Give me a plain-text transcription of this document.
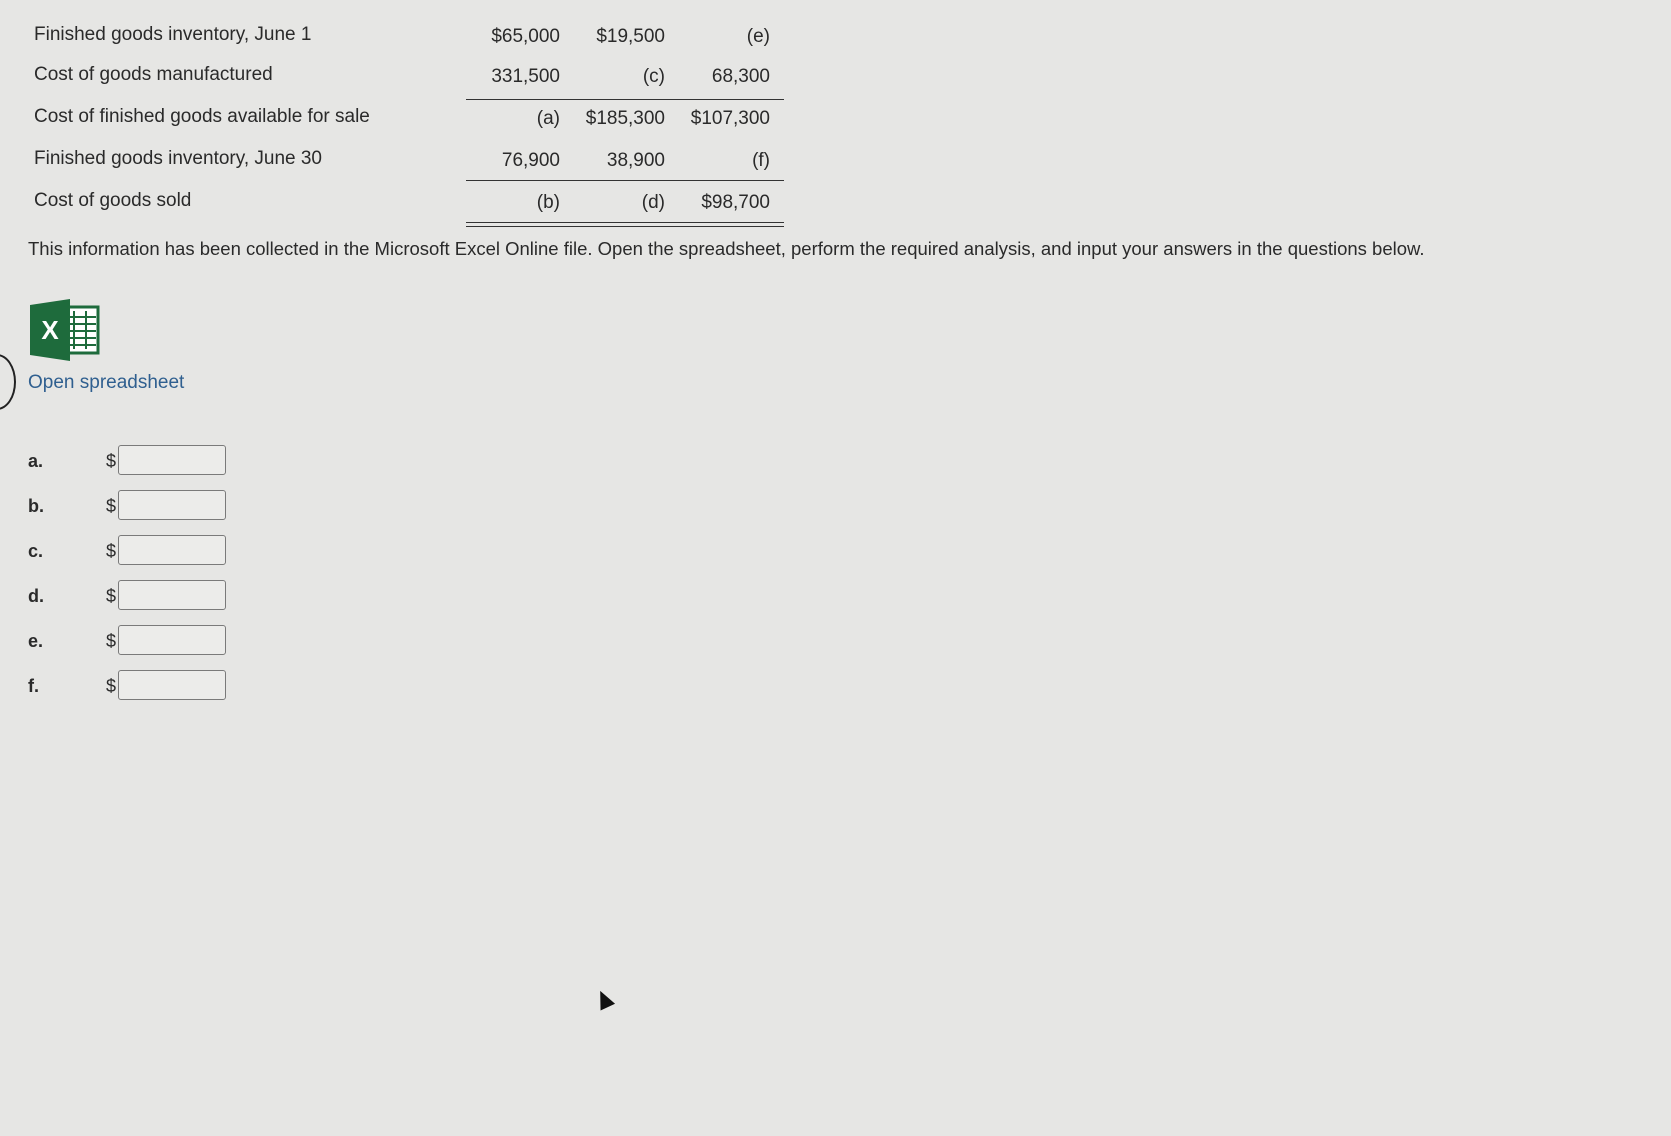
Finished goods inventory, June 1	$65,000	$19,500	(e)
Cost of goods manufactured	331,500	(c)	68,300
Cost of finished goods available for sale	(a)	$185,300	$107,300
Finished goods inventory, June 30	76,900	38,900	(f)
Cost of goods sold	(b)	(d)	$98,700
This information has been collected in the Microsoft Excel Online file. Open the spreadsheet, perform the required analysis, and input your answers in the questions below.
X
Open spreadsheet
a.	$
b.	$
c.	$
d.	$
e.	$
f.	$
